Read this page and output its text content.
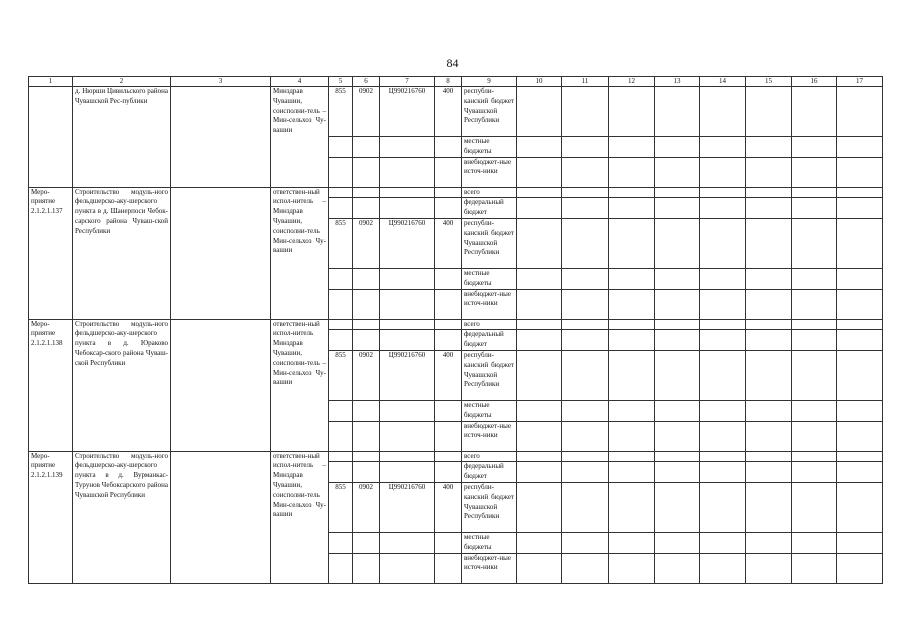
84
1	2	3	4	5	6	7	8	9	10	11	12	13	14	15	16	17
	д. Нюрши Цивильского района Чувашской Рес-публики		Минздрав Чувашии, соисполни-тель – Мин-сельхоз Чу-вашии	855	0902	Ц990216760	400	республи-канский бюджет Чувашской Республики								
								местные бюджеты								
								внебюджет-ные источ-ники								
Меро-приятие 2.1.2.1.137	Строительство модуль-ного фельдшерско-аку-шерского пункта в д. Шанерпоси Чебок-сарского района Чуваш-ской Республики		ответствен-ный испол-нитель – Минздрав Чувашии, соисполни-тель Мин-сельхоз Чу-вашии					всего								
								федеральный бюджет								
				855	0902	Ц990216760	400	республи-канский бюджет Чувашской Республики								
								местные бюджеты								
								внебюджет-ные источ-ники								
Меро-приятие 2.1.2.1.138	Строительство модуль-ного фельдшерско-аку-шерского пункта в д. Юраково Чебоксар-ского района Чуваш-ской Республики		ответствен-ный испол-нитель Минздрав Чувашии, соисполни-тель – Мин-сельхоз Чу-вашии					всего								
								федеральный бюджет								
				855	0902	Ц990216760	400	республи-канский бюджет Чувашской Республики								
								местные бюджеты								
								внебюджет-ные источ-ники								
Меро-приятие 2.1.2.1.139	Строительство модуль-ного фельдшерско-аку-шерского пункта в д. Вурманкас-Турунов Чебоксарского района Чувашской Республики		ответствен-ный испол-нитель – Минздрав Чувашии, соисполни-тель Мин-сельхоз Чу-вашии					всего								
								федеральный бюджет								
				855	0902	Ц990216760	400	республи-канский бюджет Чувашской Республики								
								местные бюджеты								
								внебюджет-ные источ-ники								
